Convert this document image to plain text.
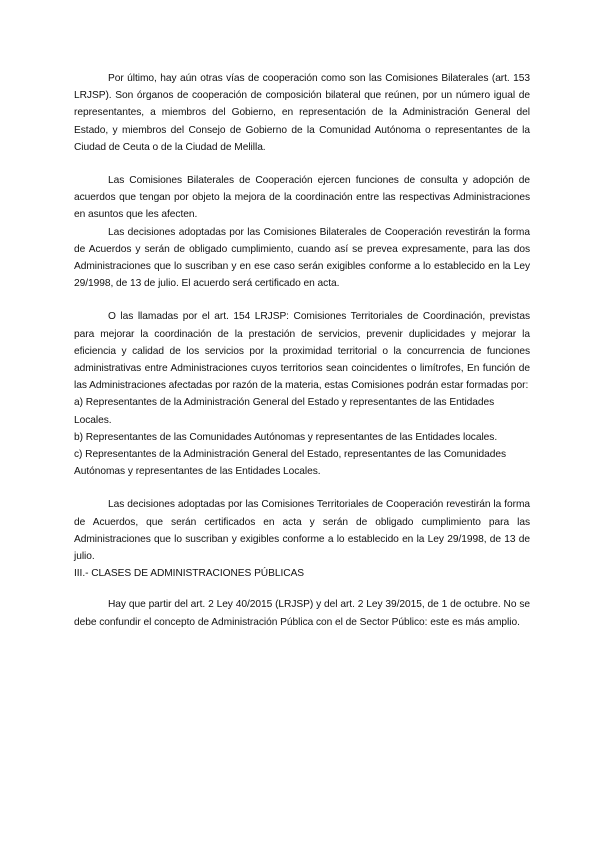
Por último, hay aún otras vías de cooperación como son las Comisiones Bilaterales (art. 153 LRJSP). Son órganos de cooperación de composición bilateral que reúnen, por un número igual de representantes, a miembros del Gobierno, en representación de la Administración General del Estado, y miembros del Consejo de Gobierno de la Comunidad Autónoma o representantes de la Ciudad de Ceuta o de la Ciudad de Melilla.

Las Comisiones Bilaterales de Cooperación ejercen funciones de consulta y adopción de acuerdos que tengan por objeto la mejora de la coordinación entre las respectivas Administraciones en asuntos que les afecten.

Las decisiones adoptadas por las Comisiones Bilaterales de Cooperación revestirán la forma de Acuerdos y serán de obligado cumplimiento, cuando así se prevea expresamente, para las dos Administraciones que lo suscriban y en ese caso serán exigibles conforme a lo establecido en la Ley 29/1998, de 13 de julio. El acuerdo será certificado en acta.

O las llamadas por el art. 154 LRJSP: Comisiones Territoriales de Coordinación, previstas para mejorar la coordinación de la prestación de servicios, prevenir duplicidades y mejorar la eficiencia y calidad de los servicios por la proximidad territorial o la concurrencia de funciones administrativas entre Administraciones cuyos territorios sean coincidentes o limítrofes, En función de las Administraciones afectadas por razón de la materia, estas Comisiones podrán estar formadas por:

a) Representantes de la Administración General del Estado y representantes de las Entidades Locales.

b) Representantes de las Comunidades Autónomas y representantes de las Entidades locales.

c) Representantes de la Administración General del Estado, representantes de las Comunidades Autónomas y representantes de las Entidades Locales.

Las decisiones adoptadas por las Comisiones Territoriales de Cooperación revestirán la forma de Acuerdos, que serán certificados en acta y serán de obligado cumplimiento para las Administraciones que lo suscriban y exigibles conforme a lo establecido en la Ley 29/1998, de 13 de julio.

III.- CLASES DE ADMINISTRACIONES PÚBLICAS

Hay que partir del art. 2 Ley 40/2015 (LRJSP) y del art. 2 Ley 39/2015, de 1 de octubre. No se debe confundir el concepto de Administración Pública con el de Sector Público: este es más amplio.
